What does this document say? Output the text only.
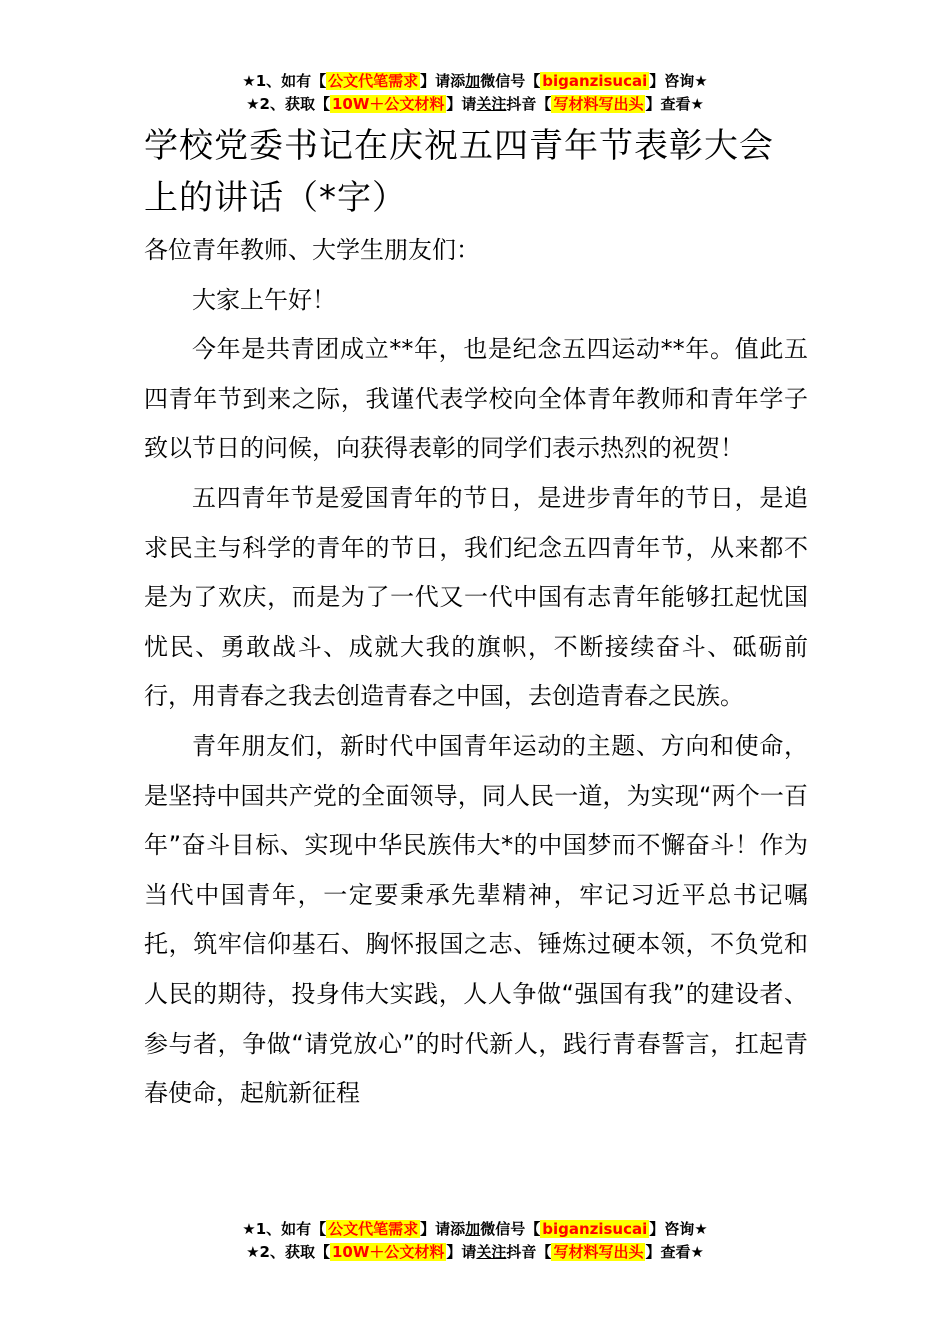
★1、如有【 公文代笔需求 】请添加微信号【 biganzisucai 】咨询★
★2、获取【 10W＋公文材料 】请关注抖音【 写材料写出头 】查看★
学校党委书记在庆祝五四青年节表彰大会上的讲话（*字）

各位青年教师、大学生朋友们：

大家上午好！

今年是共青团成立**年，也是纪念五四运动**年。值此五四青年节到来之际，我谨代表学校向全体青年教师和青年学子致以节日的问候，向获得表彰的同学们表示热烈的祝贺！

五四青年节是爱国青年的节日，是进步青年的节日，是追求民主与科学的青年的节日，我们纪念五四青年节，从来都不是为了欢庆，而是为了一代又一代中国有志青年能够扛起忧国忧民、勇敢战斗、成就大我的旗帜，不断接续奋斗、砥砺前行，用青春之我去创造青春之中国，去创造青春之民族。

青年朋友们，新时代中国青年运动的主题、方向和使命，是坚持中国共产党的全面领导，同人民一道，为实现“两个一百年”奋斗目标、实现中华民族伟大*的中国梦而不懈奋斗！作为当代中国青年，一定要秉承先辈精神，牢记习近平总书记嘱托，筑牢信仰基石、胸怀报国之志、锤炼过硬本领，不负党和人民的期待，投身伟大实践，人人争做“强国有我”的建设者、参与者，争做“请党放心”的时代新人，践行青春誓言，扛起青春使命，起航新征程

★1、如有【 公文代笔需求 】请添加微信号【 biganzisucai 】咨询★
★2、获取【 10W＋公文材料 】请关注抖音【 写材料写出头 】查看★
